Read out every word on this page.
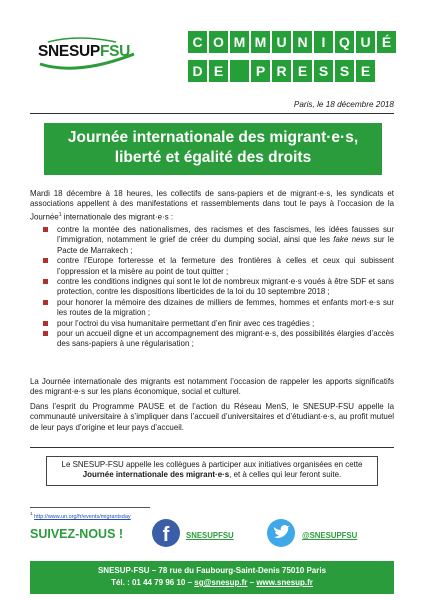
SNESUPFSU
C O M M U N I Q U É
D E	P R E S S E
Paris, le 18 décembre 2018
Journée internationale des migrant·e·s,
liberté et égalité des droits
Mardi 18 décembre à 18 heures, les collectifs de sans-papiers et de migrant·e·s, les syndicats et associations appellent à des manifestations et rassemblements dans tout le pays à l’occasion de la Journée$^1$ internationale des migrant·e·s :
contre la montée des nationalismes, des racismes et des fascismes, les idées fausses sur l’immigration, notamment le grief de créer du dumping social, ainsi que les fake news sur le Pacte de Marrakech ;
contre l’Europe forteresse et la fermeture des frontières à celles et ceux qui subissent l’oppression et la misère au point de tout quitter ;
contre les conditions indignes qui sont le lot de nombreux migrant·e·s voués à être SDF et sans protection, contre les dispositions liberticides de la loi du 10 septembre 2018 ;
pour honorer la mémoire des dizaines de milliers de femmes, hommes et enfants mort·e·s sur les routes de la migration ;
pour l’octroi du visa humanitaire permettant d’en finir avec ces tragédies ;
pour un accueil digne et un accompagnement des migrant·e·s, des possibilités élargies d’accès des sans-papiers à une régularisation ;
La Journée internationale des migrants est notamment l’occasion de rappeler les apports significatifs des migrant·e·s sur les plans économique, social et culturel.
Dans l’esprit du Programme PAUSE et de l’action du Réseau MenS, le SNESUP-FSU appelle la communauté universitaire à s’impliquer dans l’accueil d’universitaires et d’étudiant·e·s, au profit mutuel de leur pays d’origine et leur pays d’accueil.
Le SNESUP-FSU appelle les collègues à participer aux initiatives organisées en cette
Journée internationale des migrant·e·s, et à celles qui leur feront suite.
$^1$ http://www.un.org/fr/events/migrantsday
SUIVEZ-NOUS ! f SNESUPFSU	@SNESUPFSU
SNESUP-FSU – 78 rue du Faubourg-Saint-Denis 75010 Paris
Tél. : 01 44 79 96 10 – sg@snesup.fr – www.snesup.fr
